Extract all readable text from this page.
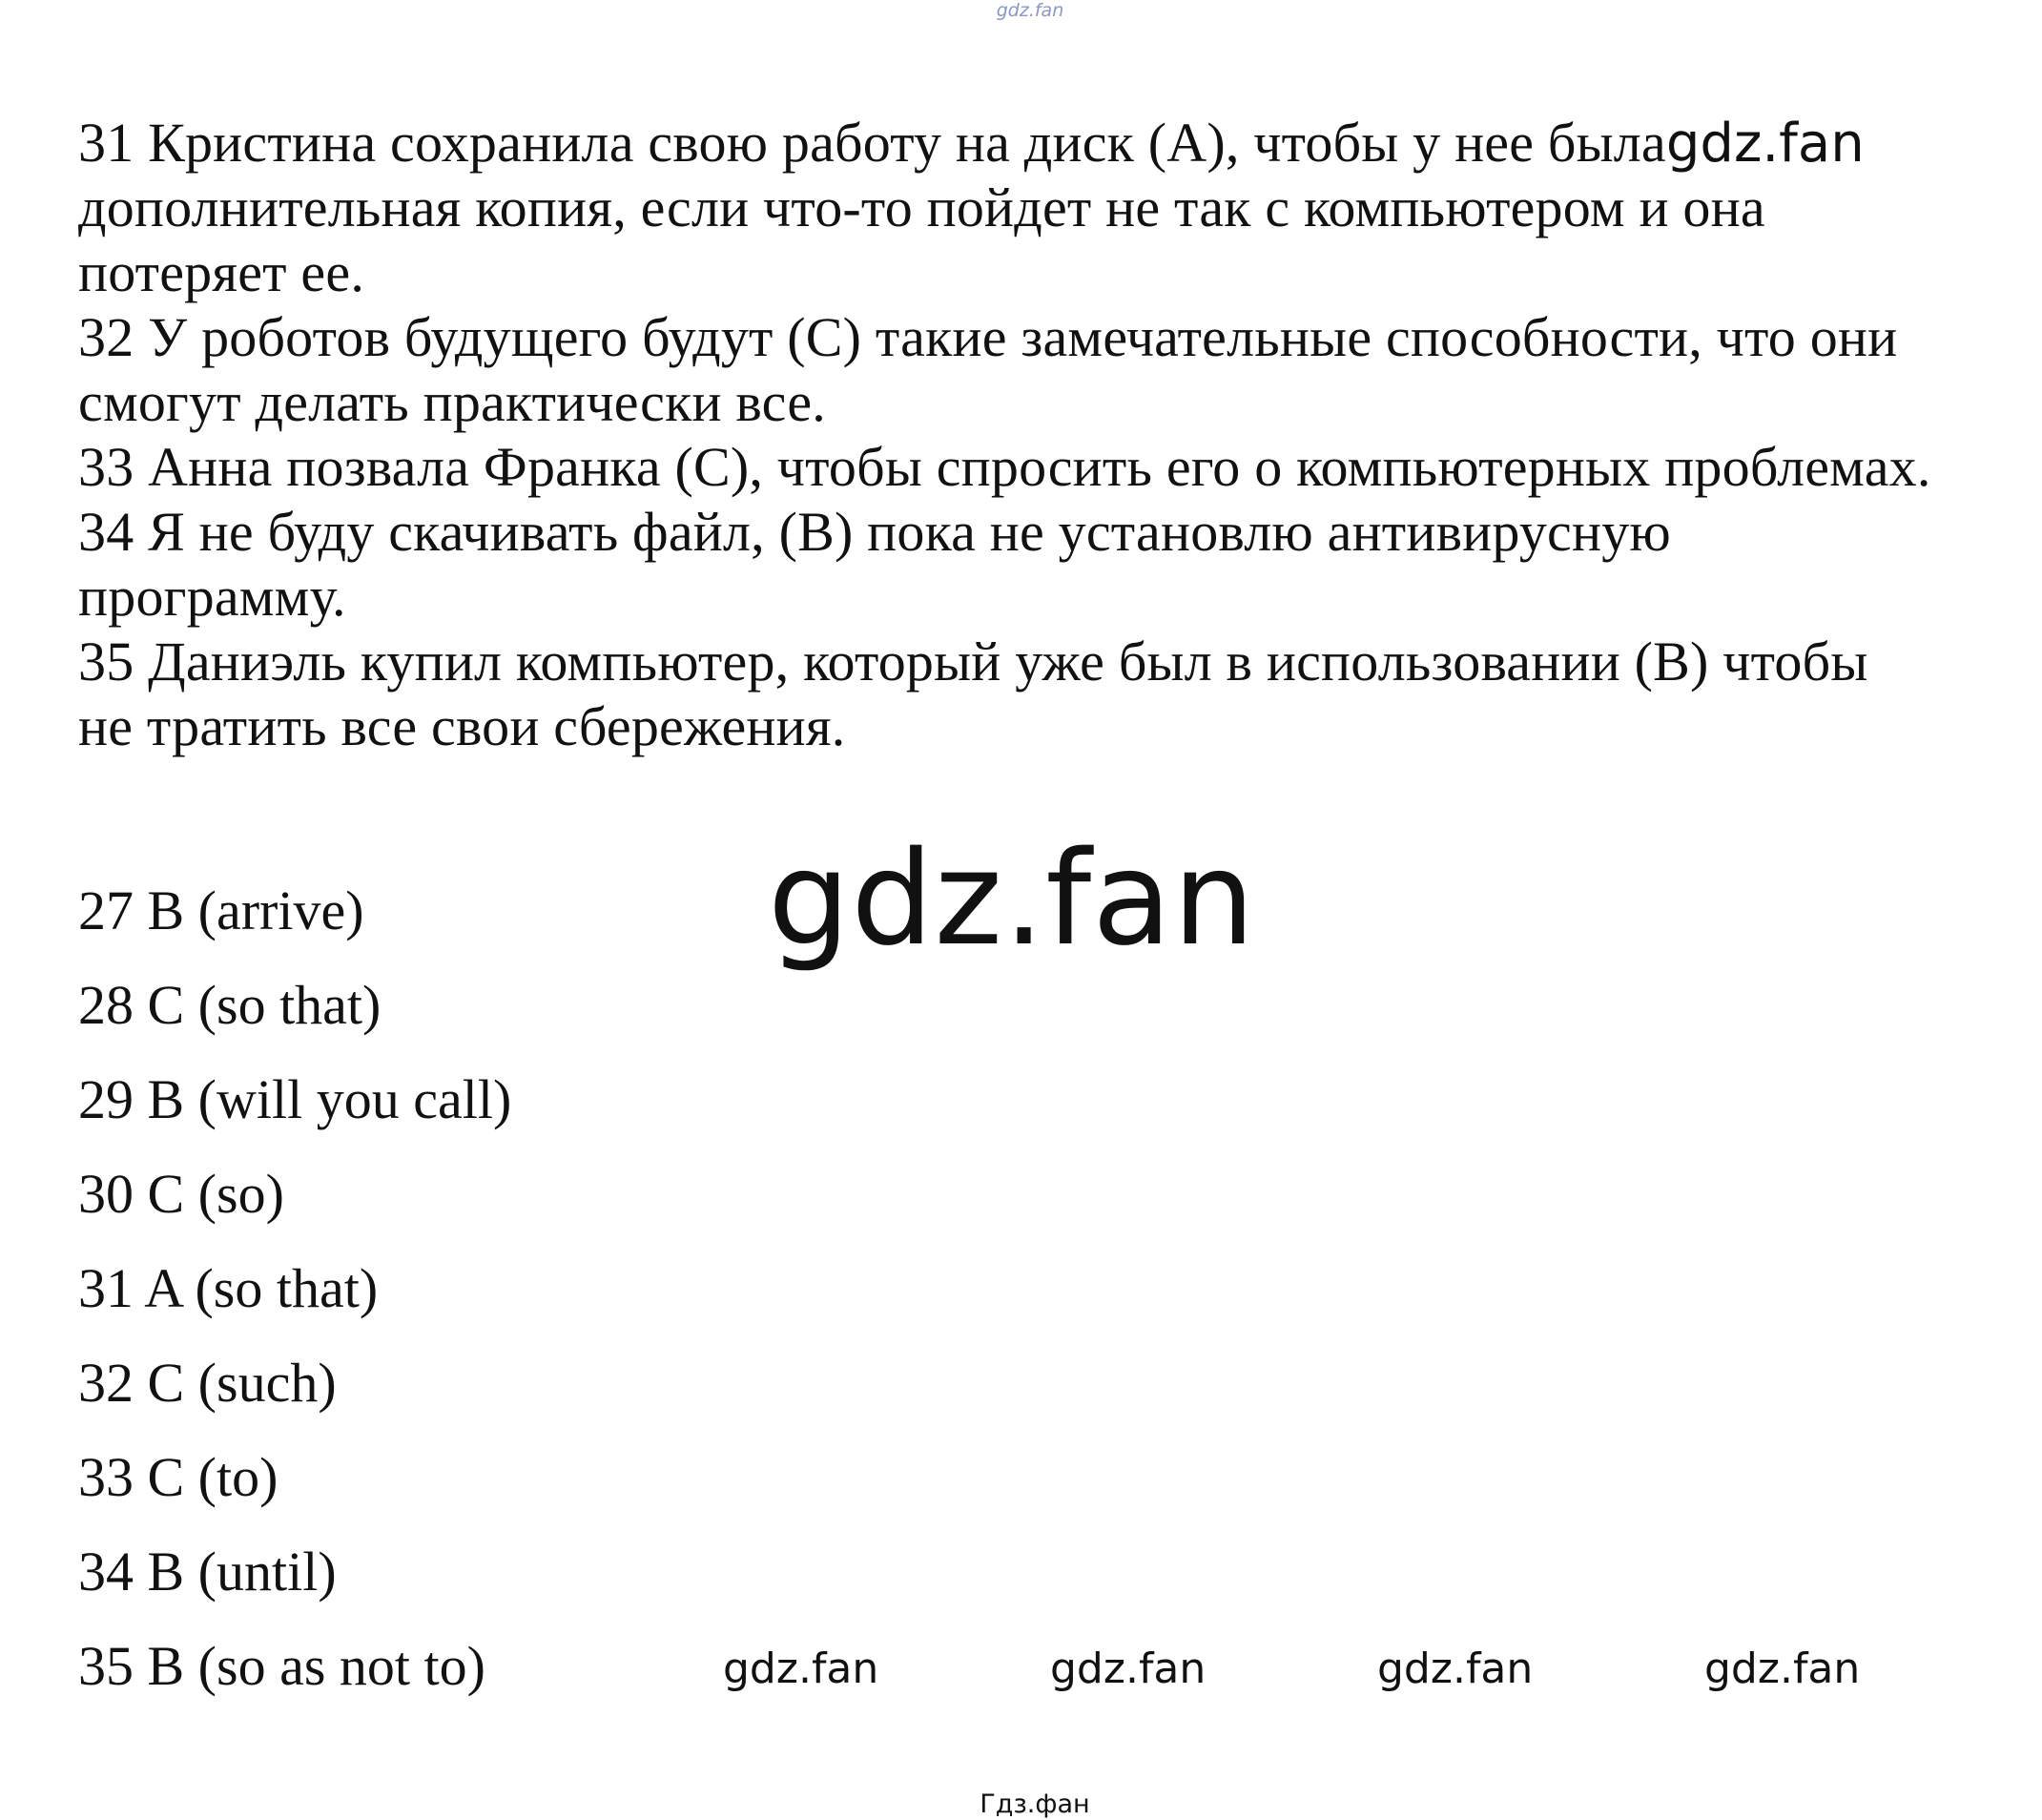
gdz.fan
31 Кристина сохранила свою работу на диск (А), чтобы у нее былаgdz.fan
дополнительная копия, если что-то пойдет не так с компьютером и она
потеряет ее.
32 У роботов будущего будут (С) такие замечательные способности, что они
смогут делать практически все.
33 Анна позвала Франка (С), чтобы спросить его о компьютерных проблемах.
34 Я не буду скачивать файл, (В) пока не установлю антивирусную
программу.
35 Даниэль купил компьютер, который уже был в использовании (В) чтобы
не тратить все свои сбережения.
gdz.fan
27 B (arrive)
28 C (so that)
29 B (will you call)
30 C (so)
31 A (so that)
32 C (such)
33 C (to)
34 B (until)
35 B (so as not to)	gdz.fan	gdz.fan	gdz.fan	gdz.fan
Гдз.фан
